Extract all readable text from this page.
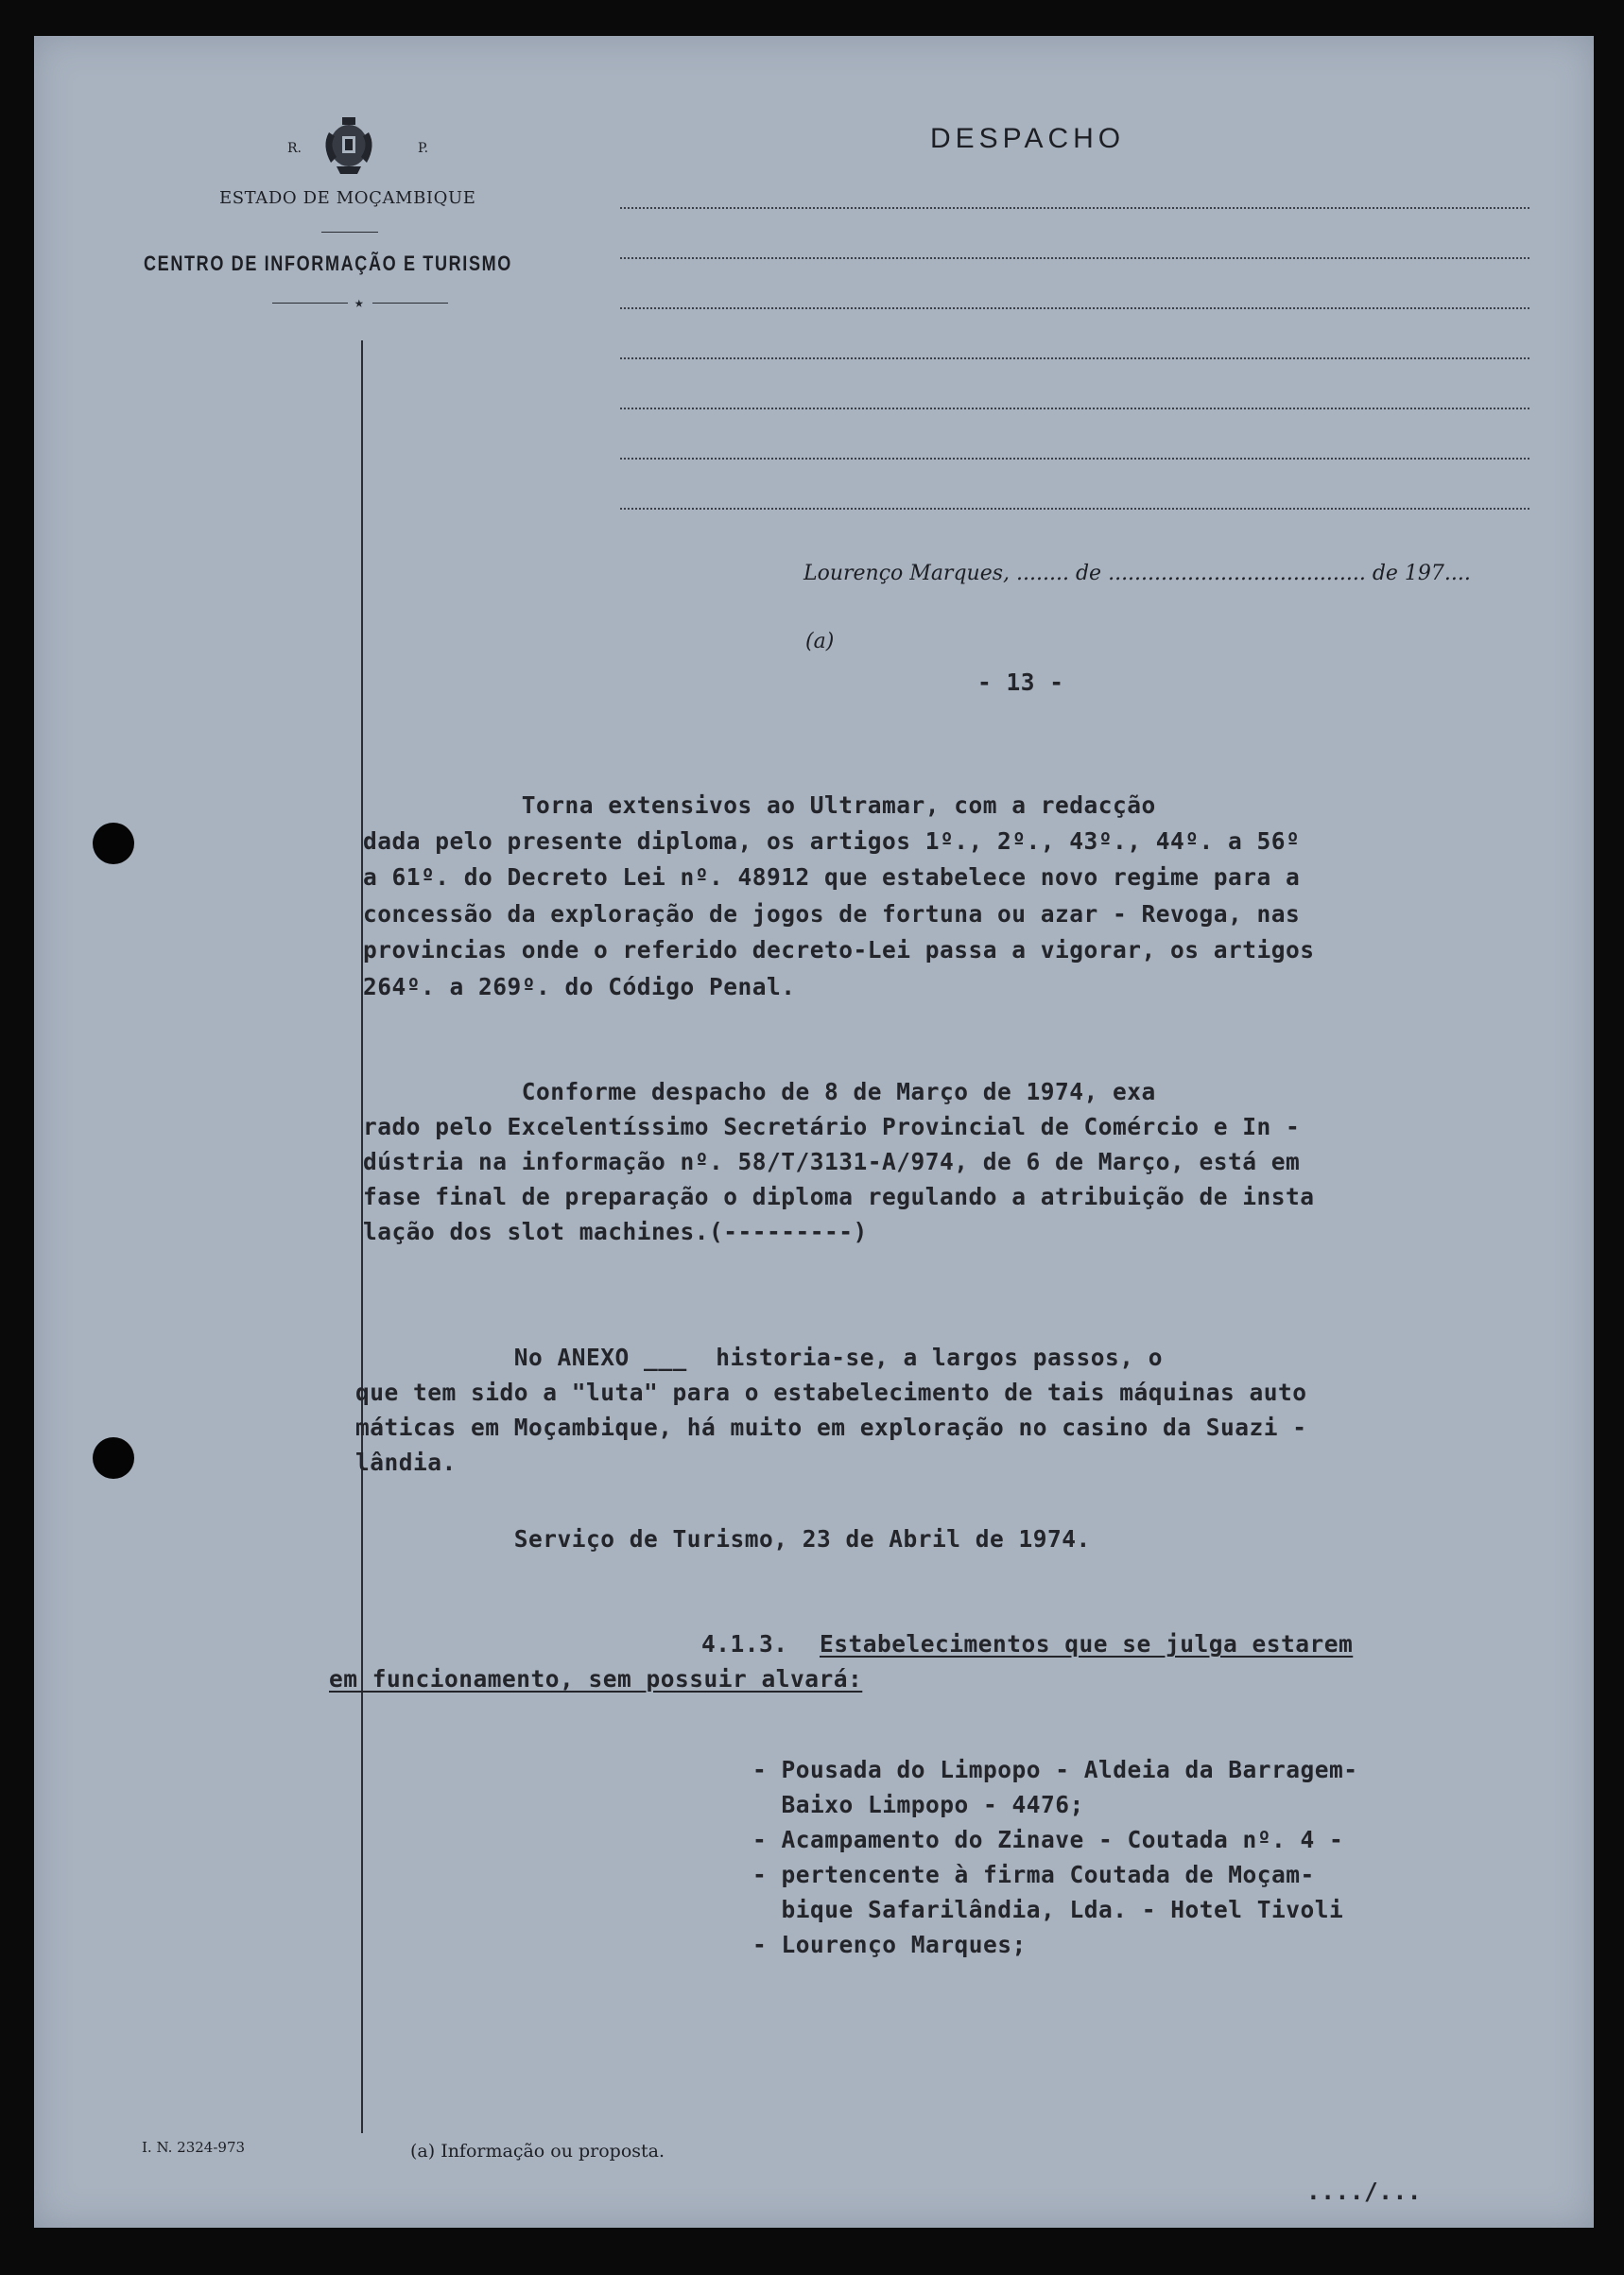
R.	P.
ESTADO DE MOÇAMBIQUE
CENTRO DE INFORMAÇÃO E TURISMO
★
DESPACHO
Lourenço Marques, ........ de ....................................... de 197....
(a)
- 13 -
Torna extensivos ao Ultramar, com a redacção
dada pelo presente diploma, os artigos 1º., 2º., 43º., 44º. a 56º
a 61º. do Decreto Lei nº. 48912 que estabelece novo regime para a
concessão da exploração de jogos de fortuna ou azar - Revoga, nas
provincias onde o referido decreto-Lei passa a vigorar, os artigos
264º. a 269º. do Código Penal.
Conforme despacho de 8 de Março de 1974, exa
rado pelo Excelentíssimo Secretário Provincial de Comércio e In -
dústria na informação nº. 58/T/3131-A/974, de 6 de Março, está em
fase final de preparação o diploma regulando a atribuição de insta
lação dos slot machines.(---------)
No ANEXO ___  historia-se, a largos passos, o
que tem sido a "luta" para o estabelecimento de tais máquinas auto
máticas em Moçambique, há muito em exploração no casino da Suazi -
lândia.
Serviço de Turismo, 23 de Abril de 1974.
4.1.3. Estabelecimentos que se julga estarem
em funcionamento, sem possuir alvará:
- Pousada do Limpopo - Aldeia da Barragem-
Baixo Limpopo - 4476;
- Acampamento do Zinave - Coutada nº. 4 -
- pertencente à firma Coutada de Moçam-
bique Safarilândia, Lda. - Hotel Tivoli
- Lourenço Marques;
I. N. 2324-973	(a) Informação ou proposta.
..../...
